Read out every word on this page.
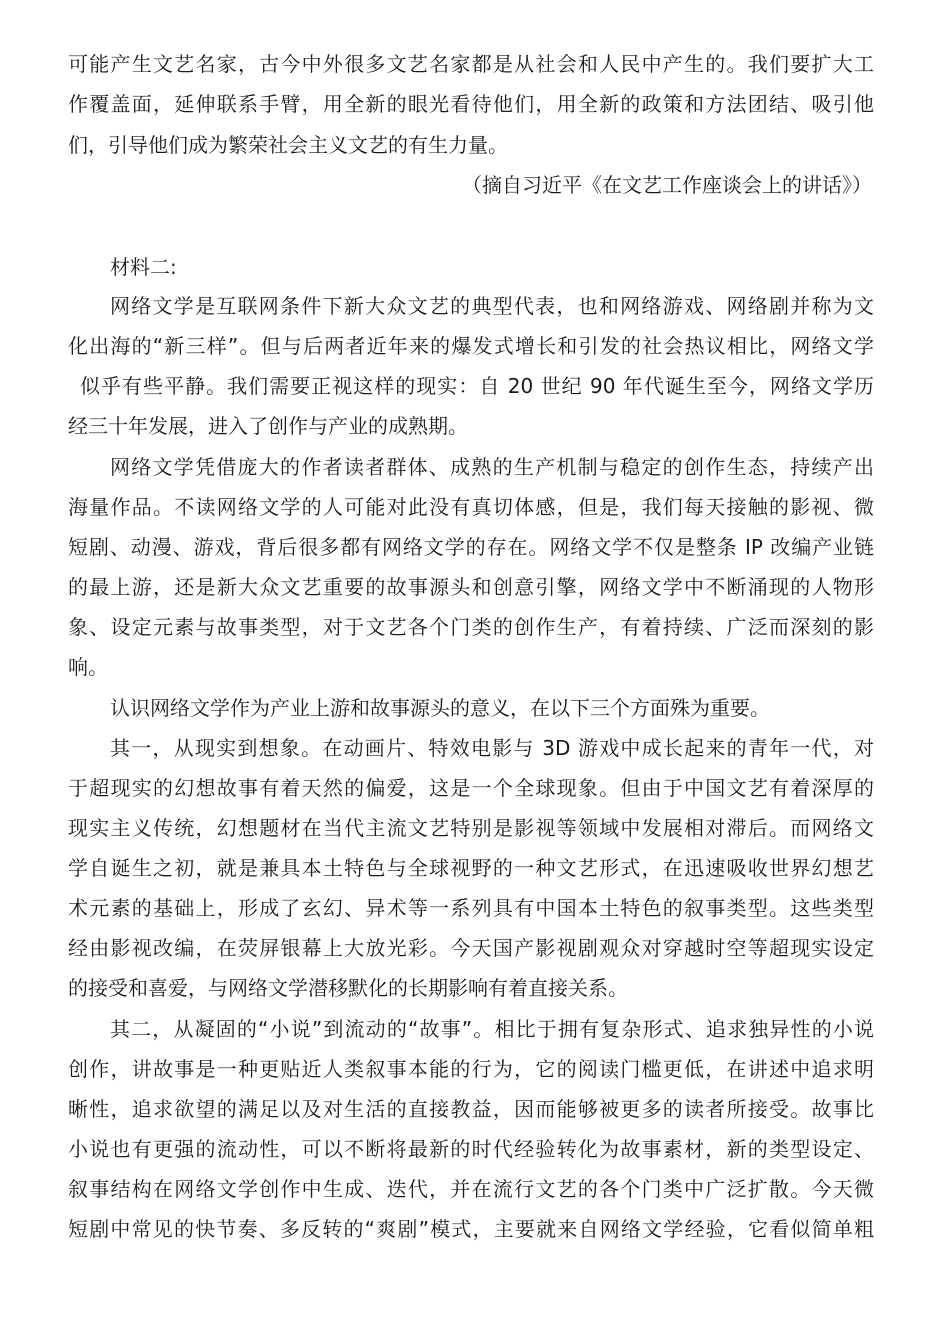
可能产生文艺名家，古今中外很多文艺名家都是从社会和人民中产生的。我们要扩大工

作覆盖面，延伸联系手臂，用全新的眼光看待他们，用全新的政策和方法团结、吸引他

们，引导他们成为繁荣社会主义文艺的有生力量。

（摘自习近平《在文艺工作座谈会上的讲话》）

材料二:

网络文学是互联网条件下新大众文艺的典型代表，也和网络游戏、网络剧并称为文

化出海的“新三样”。但与后两者近年来的爆发式增长和引发的社会热议相比，网络文学

似乎有些平静。我们需要正视这样的现实：自 20 世纪 90 年代诞生至今，网络文学历

经三十年发展，进入了创作与产业的成熟期。

网络文学凭借庞大的作者读者群体、成熟的生产机制与稳定的创作生态，持续产出

海量作品。不读网络文学的人可能对此没有真切体感，但是，我们每天接触的影视、微

短剧、动漫、游戏，背后很多都有网络文学的存在。网络文学不仅是整条 IP 改编产业链

的最上游，还是新大众文艺重要的故事源头和创意引擎，网络文学中不断涌现的人物形

象、设定元素与故事类型，对于文艺各个门类的创作生产，有着持续、广泛而深刻的影

响。

认识网络文学作为产业上游和故事源头的意义，在以下三个方面殊为重要。

其一，从现实到想象。在动画片、特效电影与 3D 游戏中成长起来的青年一代，对

于超现实的幻想故事有着天然的偏爱，这是一个全球现象。但由于中国文艺有着深厚的

现实主义传统，幻想题材在当代主流文艺特别是影视等领域中发展相对滞后。而网络文

学自诞生之初，就是兼具本土特色与全球视野的一种文艺形式，在迅速吸收世界幻想艺

术元素的基础上，形成了玄幻、异术等一系列具有中国本土特色的叙事类型。这些类型

经由影视改编，在荧屏银幕上大放光彩。今天国产影视剧观众对穿越时空等超现实设定

的接受和喜爱，与网络文学潜移默化的长期影响有着直接关系。

其二，从凝固的“小说”到流动的“故事”。相比于拥有复杂形式、追求独异性的小说

创作，讲故事是一种更贴近人类叙事本能的行为，它的阅读门槛更低，在讲述中追求明

晰性，追求欲望的满足以及对生活的直接教益，因而能够被更多的读者所接受。故事比

小说也有更强的流动性，可以不断将最新的时代经验转化为故事素材，新的类型设定、

叙事结构在网络文学创作中生成、迭代，并在流行文艺的各个门类中广泛扩散。今天微

短剧中常见的快节奏、多反转的“爽剧”模式，主要就来自网络文学经验，它看似简单粗
